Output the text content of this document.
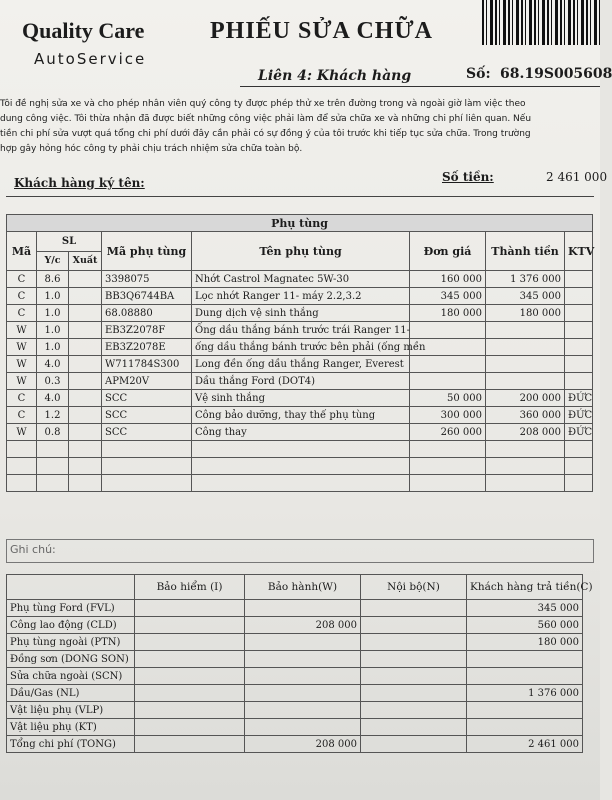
Quality Care
AutoService
PHIẾU SỬA CHỮA
Liên 4: Khách hàng	Số: 68.19S005608
Tôi đề nghị sửa xe và cho phép nhân viên quý công ty được phép thử xe trên đường trong và ngoài giờ làm việc theo
dung công việc. Tôi thừa nhận đã được biết những công việc phải làm để sửa chữa xe và những chi phí liên quan. Nếu
tiền chi phí sửa vượt quá tổng chi phí dưới đây cần phải có sự đồng ý của tôi trước khi tiếp tục sửa chữa. Trong trường
hợp gây hỏng hóc công ty phải chịu trách nhiệm sửa chữa toàn bộ.
Khách hàng ký tên:	Số tiền:	2 461 000
Phụ tùng							
Mã	SL		Mã phụ tùng	Tên phụ tùng	Đơn giá	Thành tiền	KTV
	Y/c	Xuất					
C	8.6		3398075	Nhớt Castrol Magnatec 5W-30	160 000	1 376 000	
C	1.0		BB3Q6744BA	Lọc nhớt Ranger 11- máy 2.2,3.2	345 000	345 000	
C	1.0		68.08880	Dung dịch vệ sinh thắng	180 000	180 000	
W	1.0		EB3Z2078F	Ống dầu thắng bánh trước trái Ranger 11-			
W	1.0		EB3Z2078E	ống dầu thắng bánh trước bên phải (ống mền			
W	4.0		W711784S300	Long đền ống dầu thắng Ranger, Everest			
W	0.3		APM20V	Dầu thắng Ford (DOT4)			
C	4.0		SCC	Vệ sinh thắng	50 000	200 000	ĐỨC
C	1.2		SCC	Công bảo dưỡng, thay thế phụ tùng	300 000	360 000	ĐỨC
W	0.8		SCC	Công thay	260 000	208 000	ĐỨC

Ghi chú:
	Bảo hiểm (I)	Bảo hành(W)	Nội bộ(N)	Khách hàng trả tiền(C)
Phụ tùng Ford (FVL)				345 000
Công lao động (CLD)		208 000		560 000
Phụ tùng ngoài (PTN)				180 000
Đồng sơn (DONG SON)				
Sửa chữa ngoài (SCN)				
Dầu/Gas (NL)				1 376 000
Vật liệu phụ (VLP)				
Vật liệu phụ (KT)				
Tổng chi phí (TONG)		208 000		2 461 000
